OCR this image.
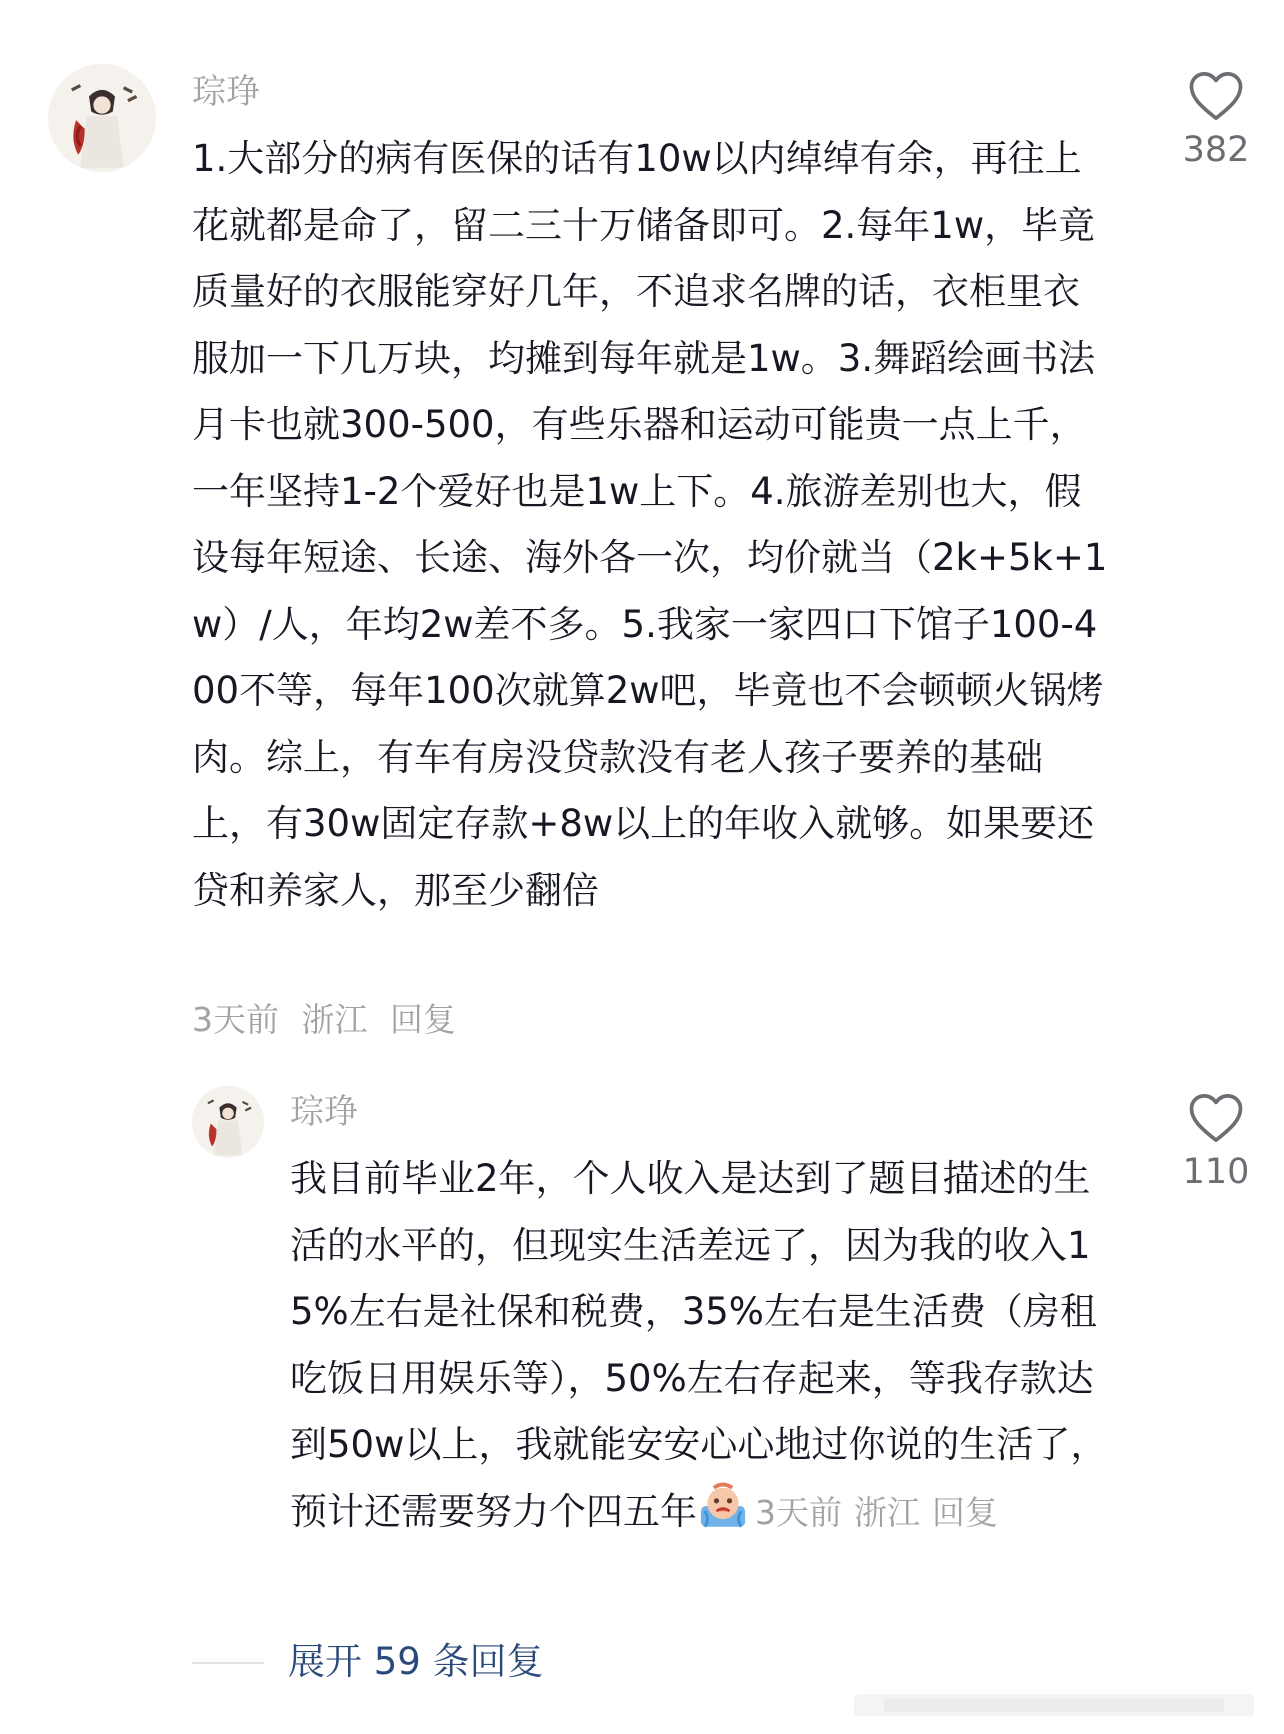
琮琤

1.大部分的病有医保的话有10w以内绰绰有余，再往上花就都是命了，留二三十万储备即可。2.每年1w，毕竟质量好的衣服能穿好几年，不追求名牌的话，衣柜里衣服加一下几万块，均摊到每年就是1w。3.舞蹈绘画书法月卡也就300-500，有些乐器和运动可能贵一点上千，一年坚持1-2个爱好也是1w上下。4.旅游差别也大，假设每年短途、长途、海外各一次，均价就当（2k+5k+1w）/人，年均2w差不多。5.我家一家四口下馆子100-400不等，每年100次就算2w吧，毕竟也不会顿顿火锅烤肉。综上，有车有房没贷款没有老人孩子要养的基础上，有30w固定存款+8w以上的年收入就够。如果要还贷和养家人，那至少翻倍

3天前 浙江 回复
382
琮琤

我目前毕业2年，个人收入是达到了题目描述的生活的水平的，但现实生活差远了，因为我的收入15%左右是社保和税费，35%左右是生活费（房租吃饭日用娱乐等），50%左右存起来，等我存款达到50w以上，我就能安安心心地过你说的生活了，预计还需要努力个四五年 3天前 浙江 回复

110
展开 59 条回复
